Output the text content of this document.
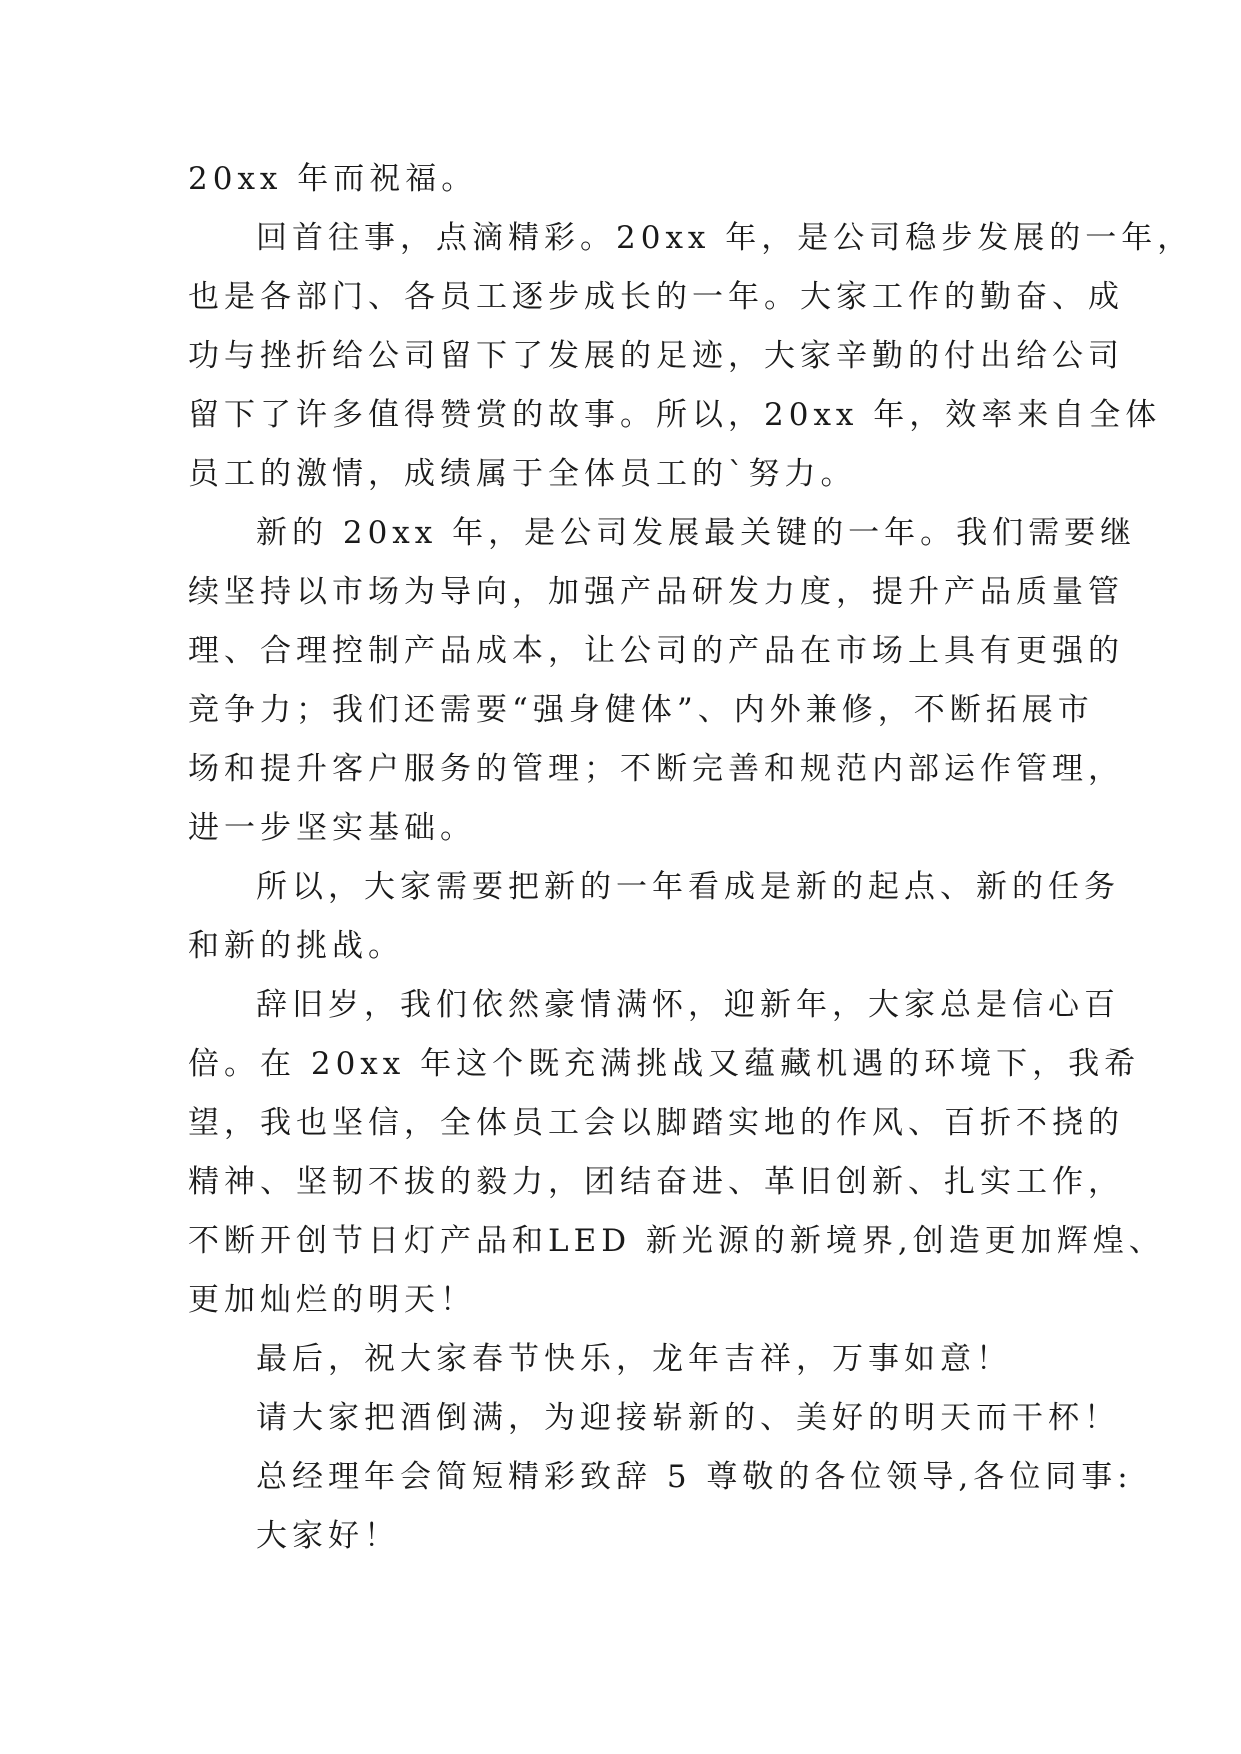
20xx 年而祝福。
回首往事，点滴精彩。20xx 年，是公司稳步发展的一年，
也是各部门、各员工逐步成长的一年。大家工作的勤奋、成
功与挫折给公司留下了发展的足迹，大家辛勤的付出给公司
留下了许多值得赞赏的故事。所以，20xx 年，效率来自全体
员工的激情，成绩属于全体员工的`努力。
新的 20xx 年，是公司发展最关键的一年。我们需要继
续坚持以市场为导向，加强产品研发力度，提升产品质量管
理、合理控制产品成本，让公司的产品在市场上具有更强的
竞争力；我们还需要“强身健体”、内外兼修，不断拓展市
场和提升客户服务的管理；不断完善和规范内部运作管理，
进一步坚实基础。
所以，大家需要把新的一年看成是新的起点、新的任务
和新的挑战。
辞旧岁，我们依然豪情满怀，迎新年，大家总是信心百
倍。在 20xx 年这个既充满挑战又蕴藏机遇的环境下，我希
望，我也坚信，全体员工会以脚踏实地的作风、百折不挠的
精神、坚韧不拔的毅力，团结奋进、革旧创新、扎实工作，
不断开创节日灯产品和LED 新光源的新境界,创造更加辉煌、
更加灿烂的明天！
最后，祝大家春节快乐，龙年吉祥，万事如意！
请大家把酒倒满，为迎接崭新的、美好的明天而干杯！
总经理年会简短精彩致辞 5 尊敬的各位领导,各位同事:
大家好！
